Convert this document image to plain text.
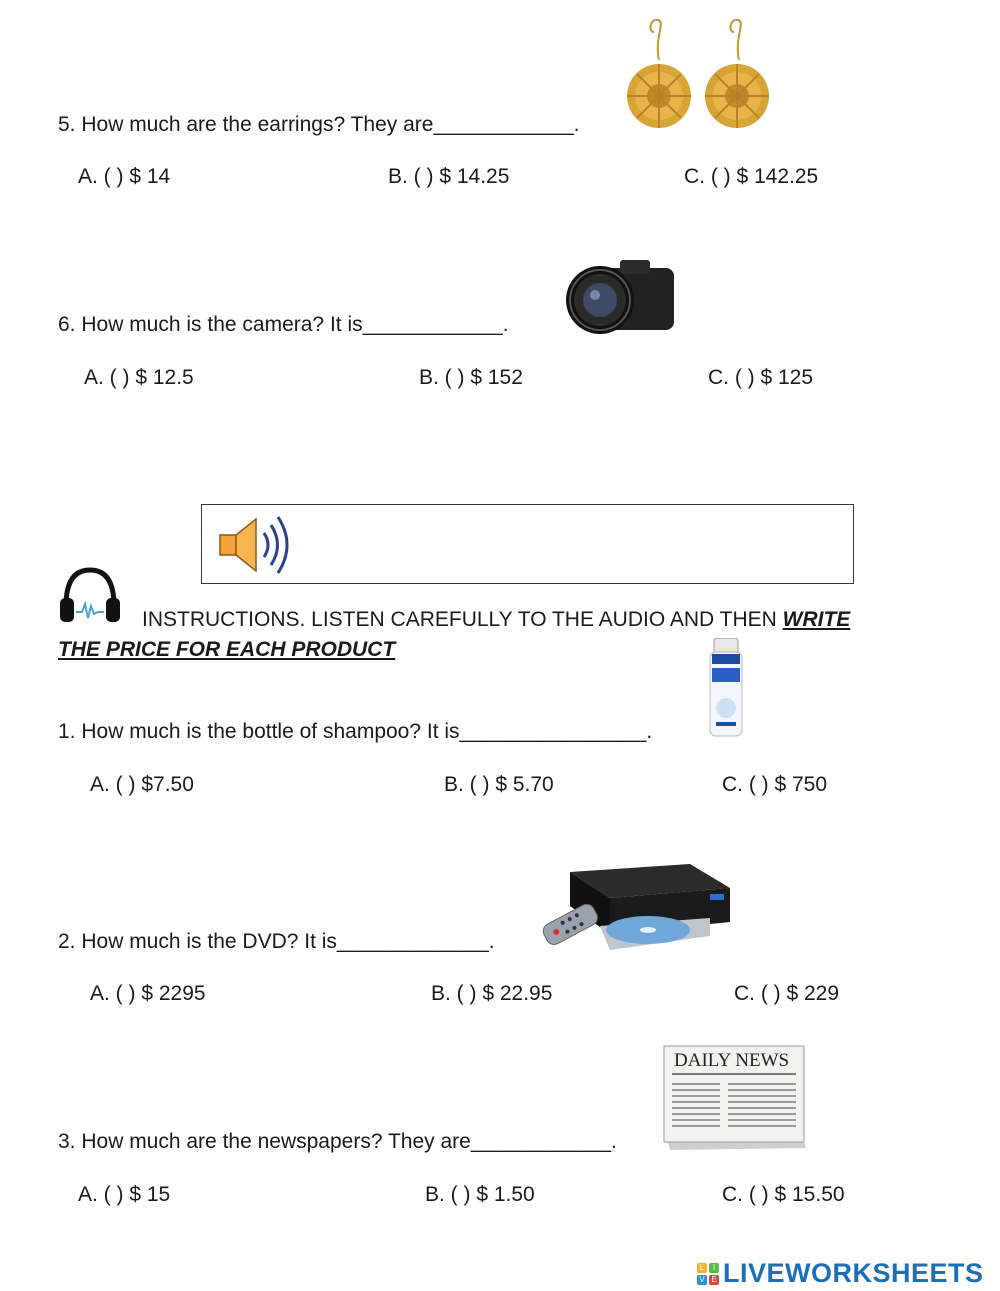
5. How much are the earrings? They are____________.
A. ( ) $ 14	B. ( ) $ 14.25	C. ( ) $ 142.25
6. How much is the camera? It is____________.
A. ( ) $ 12.5	B. ( ) $ 152	C. ( ) $ 125
INSTRUCTIONS. LISTEN CAREFULLY TO THE AUDIO AND THEN WRITE
THE PRICE FOR EACH PRODUCT
1. How much is the bottle of shampoo? It is________________.
A. ( ) $7.50	B. ( ) $ 5.70	C. ( ) $ 750
2. How much is the DVD? It is_____________.
A. ( ) $ 2295	B. ( ) $ 22.95	C. ( ) $ 229
3. How much are the newspapers? They are____________.
DAILY NEWS
A. ( ) $ 15	B. ( ) $ 1.50	C. ( ) $ 15.50
L	I
V E LIVEWORKSHEETS
